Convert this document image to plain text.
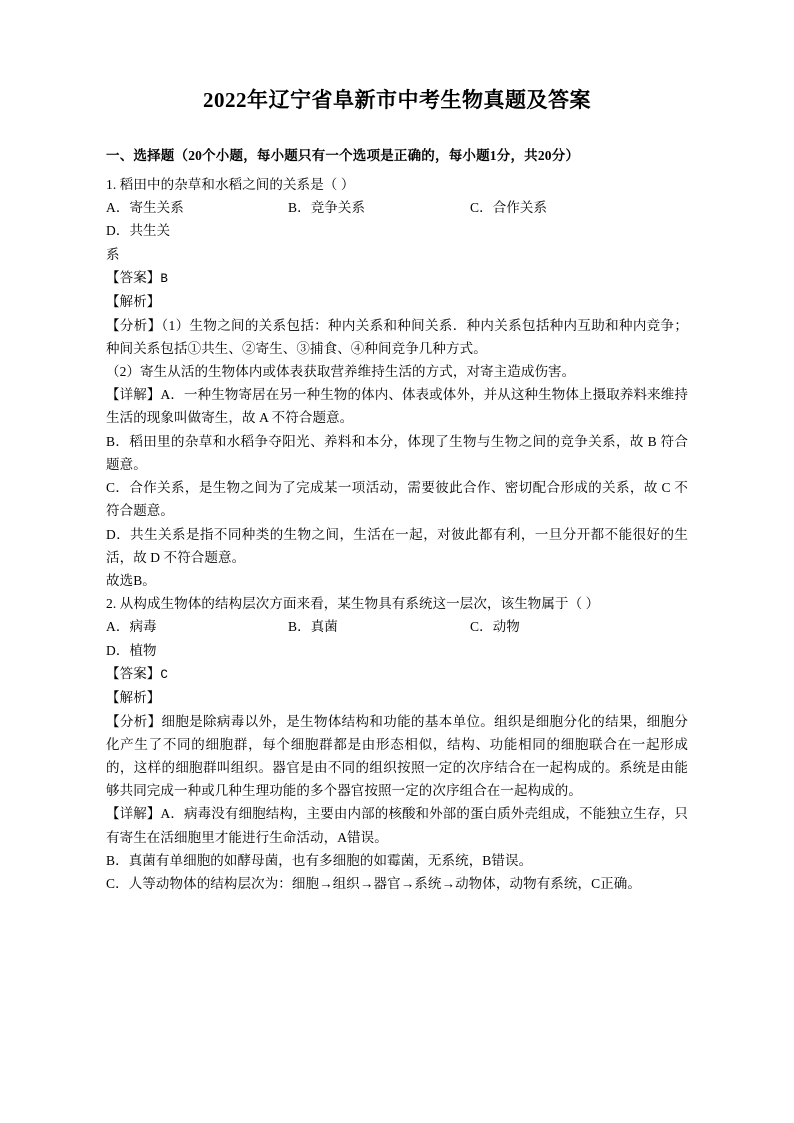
2022年辽宁省阜新市中考生物真题及答案
一、选择题（20个小题，每小题只有一个选项是正确的，每小题1分，共20分）

1. 稻田中的杂草和水稻之间的关系是（ ）

A．寄生关系	B．竞争关系	C．合作关系
D．共生关

系

【答案】B

【解析】

【分析】（1）生物之间的关系包括：种内关系和种间关系．种内关系包括种内互助和种内竞争；种间关系包括①共生、②寄生、③捕食、④种间竞争几种方式。

（2）寄生从活的生物体内或体表获取营养维持生活的方式，对寄主造成伤害。

【详解】A．一种生物寄居在另一种生物的体内、体表或体外，并从这种生物体上摄取养料来维持生活的现象叫做寄生，故 A 不符合题意。

B．稻田里的杂草和水稻争夺阳光、养料和本分，体现了生物与生物之间的竞争关系，故 B 符合题意。

C．合作关系，是生物之间为了完成某一项活动，需要彼此合作、密切配合形成的关系，故 C 不符合题意。

D．共生关系是指不同种类的生物之间，生活在一起，对彼此都有利，一旦分开都不能很好的生活，故 D 不符合题意。

故选B。

2. 从构成生物体的结构层次方面来看，某生物具有系统这一层次，该生物属于（ ）

A．病毒	B．真菌	C．动物
D．植物

【答案】C

【解析】

【分析】细胞是除病毒以外，是生物体结构和功能的基本单位。组织是细胞分化的结果，细胞分化产生了不同的细胞群，每个细胞群都是由形态相似，结构、功能相同的细胞联合在一起形成的，这样的细胞群叫组织。器官是由不同的组织按照一定的次序结合在一起构成的。系统是由能够共同完成一种或几种生理功能的多个器官按照一定的次序组合在一起构成的。

【详解】A．病毒没有细胞结构，主要由内部的核酸和外部的蛋白质外壳组成，不能独立生存，只有寄生在活细胞里才能进行生命活动，A错误。

B．真菌有单细胞的如酵母菌，也有多细胞的如霉菌，无系统，B错误。

C．人等动物体的结构层次为：细胞→组织→器官→系统→动物体，动物有系统，C正确。
